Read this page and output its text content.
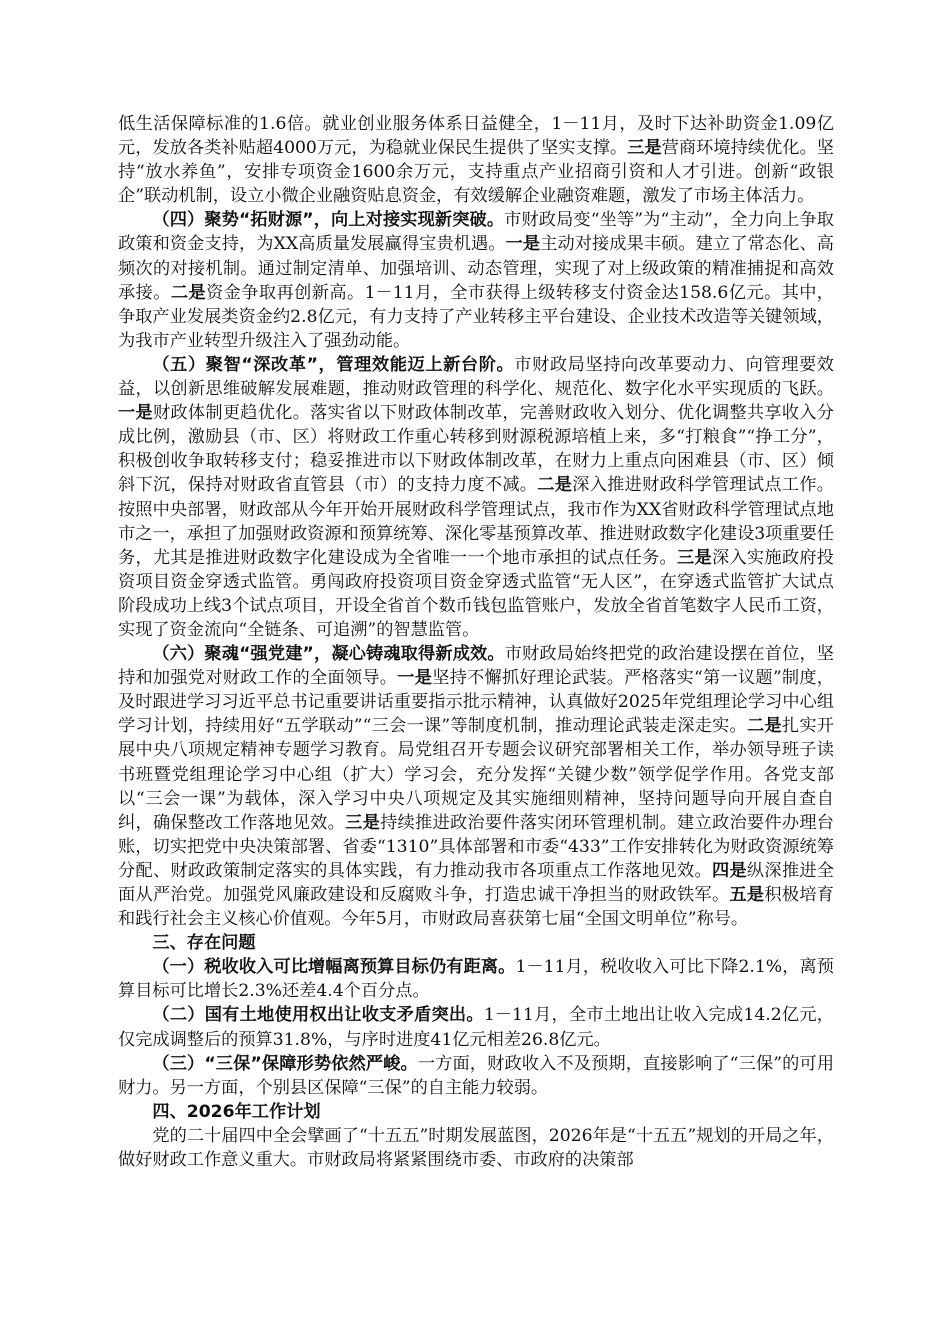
低生活保障标准的1.6倍。就业创业服务体系日益健全，1－11月，及时下达补助资金1.09亿元，发放各类补贴超4000万元，为稳就业保民生提供了坚实支撑。三是营商环境持续优化。坚持“放水养鱼”，安排专项资金1600余万元，支持重点产业招商引资和人才引进。创新“政银企”联动机制，设立小微企业融资贴息资金，有效缓解企业融资难题，激发了市场主体活力。

（四）聚势“拓财源”，向上对接实现新突破。市财政局变“坐等”为“主动”，全力向上争取政策和资金支持，为XX高质量发展赢得宝贵机遇。一是主动对接成果丰硕。建立了常态化、高频次的对接机制。通过制定清单、加强培训、动态管理，实现了对上级政策的精准捕捉和高效承接。二是资金争取再创新高。1－11月，全市获得上级转移支付资金达158.6亿元。其中，争取产业发展类资金约2.8亿元，有力支持了产业转移主平台建设、企业技术改造等关键领域，为我市产业转型升级注入了强劲动能。

（五）聚智“深改革”，管理效能迈上新台阶。市财政局坚持向改革要动力、向管理要效益，以创新思维破解发展难题，推动财政管理的科学化、规范化、数字化水平实现质的飞跃。一是财政体制更趋优化。落实省以下财政体制改革，完善财政收入划分、优化调整共享收入分成比例，激励县（市、区）将财政工作重心转移到财源税源培植上来，多“打粮食”“挣工分”，积极创收争取转移支付；稳妥推进市以下财政体制改革，在财力上重点向困难县（市、区）倾斜下沉，保持对财政省直管县（市）的支持力度不减。二是深入推进财政科学管理试点工作。按照中央部署，财政部从今年开始开展财政科学管理试点，我市作为XX省财政科学管理试点地市之一，承担了加强财政资源和预算统筹、深化零基预算改革、推进财政数字化建设3项重要任务，尤其是推进财政数字化建设成为全省唯一一个地市承担的试点任务。三是深入实施政府投资项目资金穿透式监管。勇闯政府投资项目资金穿透式监管“无人区”，在穿透式监管扩大试点阶段成功上线3个试点项目，开设全省首个数币钱包监管账户，发放全省首笔数字人民币工资，实现了资金流向“全链条、可追溯”的智慧监管。

（六）聚魂“强党建”，凝心铸魂取得新成效。市财政局始终把党的政治建设摆在首位，坚持和加强党对财政工作的全面领导。一是坚持不懈抓好理论武装。严格落实“第一议题”制度，及时跟进学习习近平总书记重要讲话重要指示批示精神，认真做好2025年党组理论学习中心组学习计划，持续用好“五学联动”“三会一课”等制度机制，推动理论武装走深走实。二是扎实开展中央八项规定精神专题学习教育。局党组召开专题会议研究部署相关工作，举办领导班子读书班暨党组理论学习中心组（扩大）学习会，充分发挥“关键少数”领学促学作用。各党支部以“三会一课”为载体，深入学习中央八项规定及其实施细则精神，坚持问题导向开展自查自纠，确保整改工作落地见效。三是持续推进政治要件落实闭环管理机制。建立政治要件办理台账，切实把党中央决策部署、省委“1310”具体部署和市委“433”工作安排转化为财政资源统筹分配、财政政策制定落实的具体实践，有力推动我市各项重点工作落地见效。四是纵深推进全面从严治党。加强党风廉政建设和反腐败斗争，打造忠诚干净担当的财政铁军。五是积极培育和践行社会主义核心价值观。今年5月，市财政局喜获第七届“全国文明单位”称号。

三、存在问题

（一）税收收入可比增幅离预算目标仍有距离。1－11月，税收收入可比下降2.1%，离预算目标可比增长2.3%还差4.4个百分点。

（二）国有土地使用权出让收支矛盾突出。1－11月，全市土地出让收入完成14.2亿元，仅完成调整后的预算31.8%，与序时进度41亿元相差26.8亿元。

（三）“三保”保障形势依然严峻。一方面，财政收入不及预期，直接影响了“三保”的可用财力。另一方面，个别县区保障“三保”的自主能力较弱。

四、2026年工作计划

党的二十届四中全会擘画了“十五五”时期发展蓝图，2026年是“十五五”规划的开局之年，做好财政工作意义重大。市财政局将紧紧围绕市委、市政府的决策部
